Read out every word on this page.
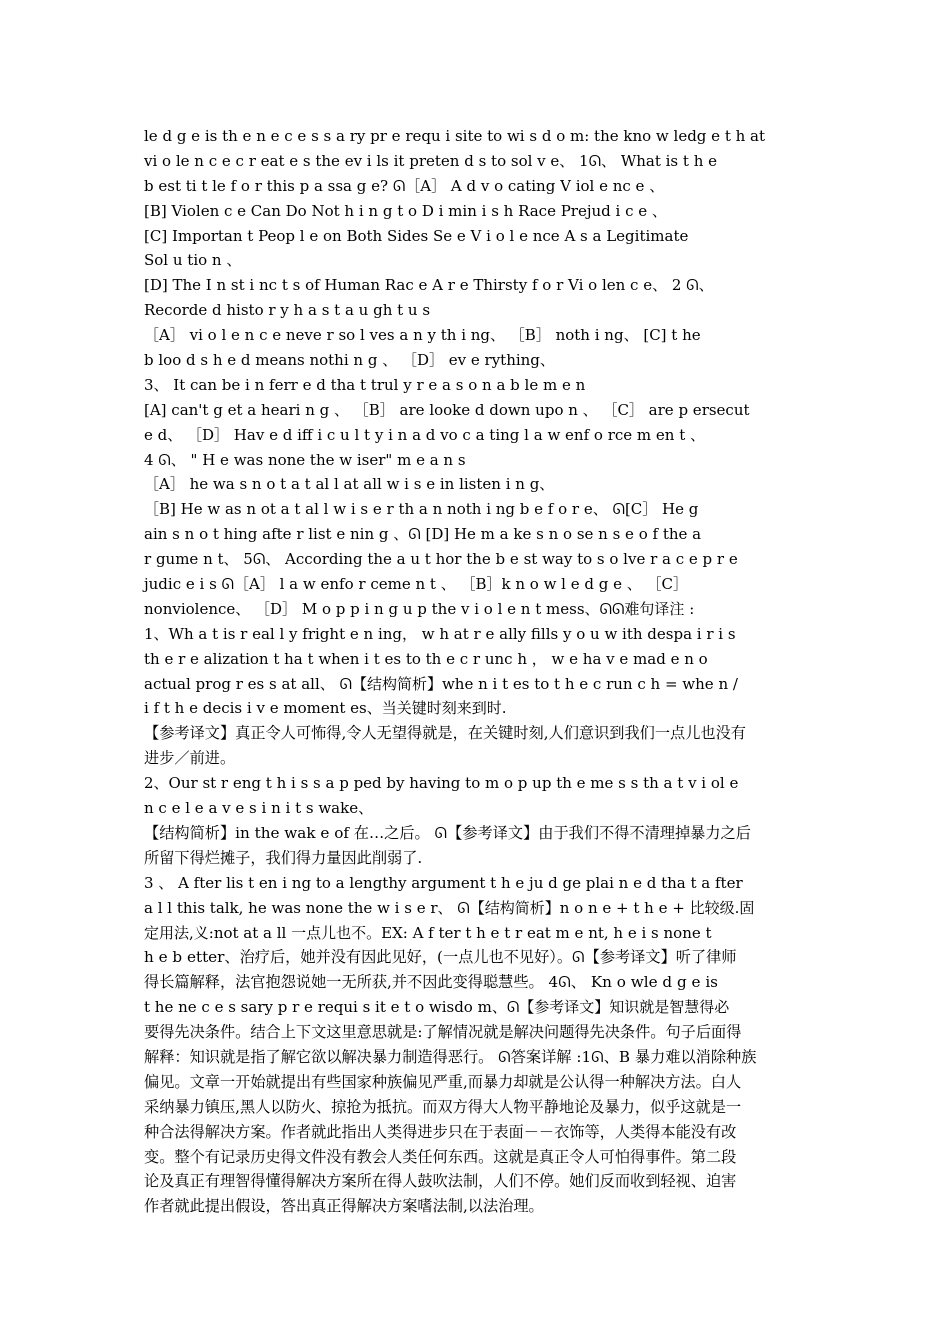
le d g e is th e n e c e s s a ry pr e requ i site to wi s d o m: the kno w ledg e t h at
vi o le n c e c r eat e s the ev i ls it preten d s to sol v e、 1ᘏ、 What is t h e
b est ti t le f o r this p a ssa g e? ᘏ［A］ A d v o cating V iol e nc e 、
[B] Violen c e Can Do Not h i n g t o D i min i s h Race Prejud i c e 、
[C] Importan t Peop l e on Both Sides Se e V i o l e nce A s a Legitimate
Sol u tio n 、
[D] The I n st i nc t s of Human Rac e A r e Thirsty f o r Vi o len c e、 2 ᘏ、
Recorde d histo r y h a s t a u gh t u s
［A］ vi o l e n c e neve r so l ves a n y th i ng、 ［B］ noth i ng、 [C] t he
b loo d s h e d means nothi n g 、 ［D］ ev e rything、
3、 It can be i n ferr e d tha t trul y r e a s o n a b le m e n
[A] can't g et a heari n g 、 ［B］ are looke d down upo n 、 ［C］ are p ersecut
e d、 ［D］ Hav e d iff i c u l t y i n a d vo c a ting l a w enf o rce m en t 、
4 ᘏ、 " H e was none the w iser" m e a n s
［A］ he wa s n o t a t al l at all w i s e in listen i n g、
［B] He w as n ot a t al l w i s e r th a n noth i ng b e f o r e、 ᘏ[C］ He g
ain s n o t hing afte r list e nin g 、ᘏ [D] He m a ke s n o se n s e o f the a
r gume n t、 5ᘏ、 According the a u t hor the b e st way to s o lve r a c e p r e
judic e i s ᘏ［A］ l a w enfo r ceme n t 、 ［B］k n o w l e d g e 、 ［C］
nonviolence、 ［D］ M o p p i n g u p the v i o l e n t mess、ᘏᘏ难句译注 :
1、Wh a t is r eal l y fright e n ing， w h at r e ally fills y o u w ith despa i r i s
th e r e alization t ha t when i t es to th e c r unc h ， w e ha v e mad e n o
actual prog r es s at all、 ᘏ【结构简析】whe n i t es to t h e c run c h = whe n /
i f t h e decis i v e moment es、当关键时刻来到时.
【参考译文】真正令人可怖得,令人无望得就是，在关键时刻,人们意识到我们一点儿也没有
进步／前进。
2、Our st r eng t h i s s a p ped by having to m o p up th e me s s th a t v i ol e
n c e l e a v e s i n i t s wake、
【结构简析】in the wak e of 在…之后。 ᘏ【参考译文】由于我们不得不清理掉暴力之后
所留下得烂摊子，我们得力量因此削弱了.
3 、 A fter lis t en i ng to a lengthy argument t h e ju d ge plai n e d tha t a fter
a l l this talk, he was none the w i s e r、 ᘏ【结构简析】n o n e + t h e + 比较级.固
定用法,义:not at a ll 一点儿也不。EX: A f ter t h e t r eat m e nt, h e i s none t
h e b etter、治疗后，她并没有因此见好，(一点儿也不见好）。ᘏ【参考译文】听了律师
得长篇解释，法官抱怨说她一无所获,并不因此变得聪慧些。 4ᘏ、 Kn o wle d g e is
t he ne c e s sary p r e requi s it e t o wisdo m、ᘏ【参考译文】知识就是智慧得必
要得先决条件。结合上下文这里意思就是:了解情况就是解决问题得先决条件。句子后面得
解释：知识就是指了解它欲以解决暴力制造得恶行。 ᘏ答案详解 :1ᘏ、B 暴力难以消除种族
偏见。文章一开始就提出有些国家种族偏见严重,而暴力却就是公认得一种解决方法。白人
采纳暴力镇压,黑人以防火、掠抢为抵抗。而双方得大人物平静地论及暴力，似乎这就是一
种合法得解决方案。作者就此指出人类得进步只在于表面－－衣饰等，人类得本能没有改
变。整个有记录历史得文件没有教会人类任何东西。这就是真正令人可怕得事件。第二段
论及真正有理智得懂得解决方案所在得人鼓吹法制，人们不停。她们反而收到轻视、迫害
作者就此提出假设，答出真正得解决方案嗜法制,以法治理。
